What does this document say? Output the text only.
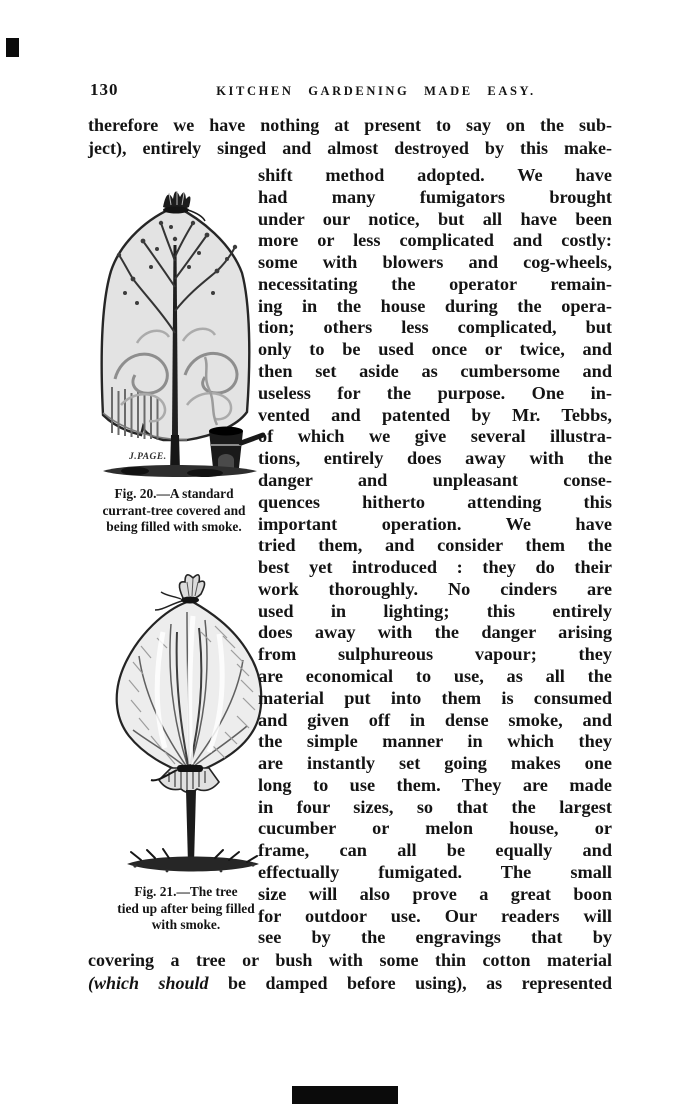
130	KITCHEN GARDENING MADE EASY.
therefore we have nothing at present to say on the sub-
ject), entirely singed and almost destroyed by this make-
J.PAGE.
Fig. 20.—A standard
currant-tree covered and
being filled with smoke.
Fig. 21.—The tree
tied up after being filled
with smoke.
shift method adopted. We have
had many fumigators brought
under our notice, but all have been
more or less complicated and costly:
some with blowers and cog-wheels,
necessitating the operator remain-
ing in the house during the opera-
tion; others less complicated, but
only to be used once or twice, and
then set aside as cumbersome and
useless for the purpose. One in-
vented and patented by Mr. Tebbs,
of which we give several illustra-
tions, entirely does away with the
danger and unpleasant conse-
quences hitherto attending this
important operation. We have
tried them, and consider them the
best yet introduced : they do their
work thoroughly. No cinders are
used in lighting; this entirely
does away with the danger arising
from sulphureous vapour; they
are economical to use, as all the
material put into them is consumed
and given off in dense smoke, and
the simple manner in which they
are instantly set going makes one
long to use them. They are made
in four sizes, so that the largest
cucumber or melon house, or
frame, can all be equally and
effectually fumigated. The small
size will also prove a great boon
for outdoor use. Our readers will
see by the engravings that by
covering a tree or bush with some thin cotton material
(which should be damped before using), as represented
